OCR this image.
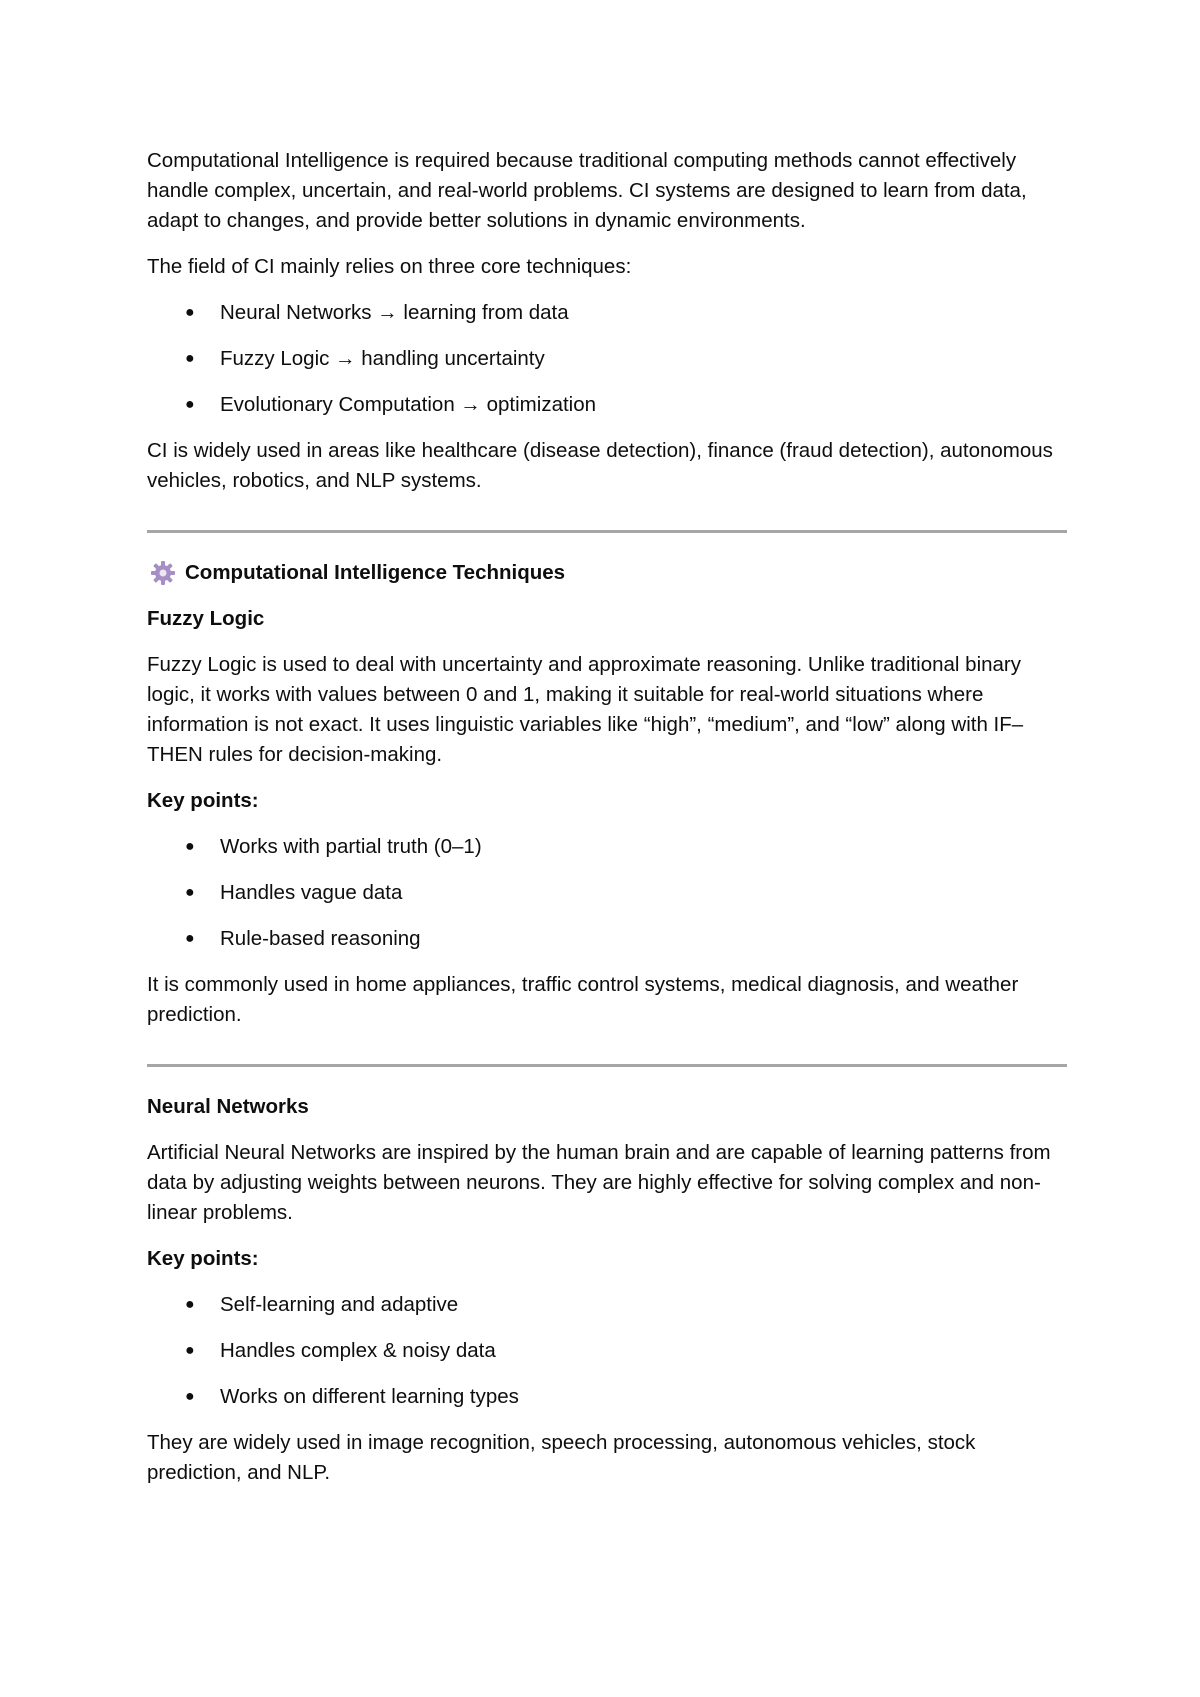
Computational Intelligence is required because traditional computing methods cannot effectively handle complex, uncertain, and real-world problems. CI systems are designed to learn from data, adapt to changes, and provide better solutions in dynamic environments.

The field of CI mainly relies on three core techniques:

● Neural Networks → learning from data
● Fuzzy Logic → handling uncertainty
● Evolutionary Computation → optimization

CI is widely used in areas like healthcare (disease detection), finance (fraud detection), autonomous vehicles, robotics, and NLP systems.

Computational Intelligence Techniques

Fuzzy Logic

Fuzzy Logic is used to deal with uncertainty and approximate reasoning. Unlike traditional binary logic, it works with values between 0 and 1, making it suitable for real-world situations where information is not exact. It uses linguistic variables like “high”, “medium”, and “low” along with IF–THEN rules for decision-making.

Key points:

● Works with partial truth (0–1)
● Handles vague data
● Rule-based reasoning

It is commonly used in home appliances, traffic control systems, medical diagnosis, and weather prediction.

Neural Networks

Artificial Neural Networks are inspired by the human brain and are capable of learning patterns from data by adjusting weights between neurons. They are highly effective for solving complex and non-linear problems.

Key points:

● Self-learning and adaptive
● Handles complex & noisy data
● Works on different learning types

They are widely used in image recognition, speech processing, autonomous vehicles, stock prediction, and NLP.
